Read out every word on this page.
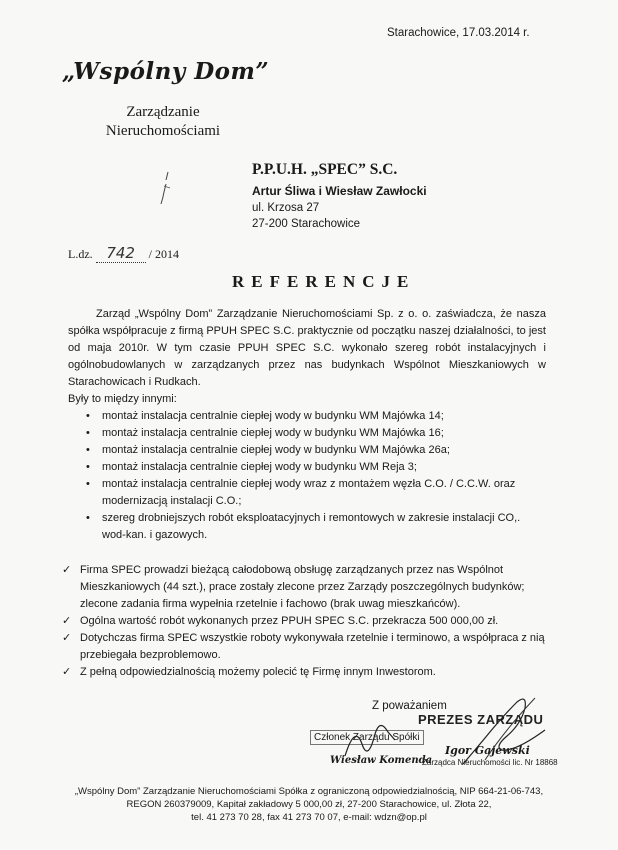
Starachowice, 17.03.2014 r.
„Wspólny Dom”
Zarządzanie
Nieruchomościami
P.P.U.H. „SPEC” S.C.
Artur Śliwa i Wiesław Zawłocki
ul. Krzosa 27
27-200 Starachowice
L.dz. 742 / 2014
REFERENCJE

Zarząd „Wspólny Dom” Zarządzanie Nieruchomościami Sp. z o. o. zaświadcza, że nasza spółka współpracuje z firmą PPUH SPEC S.C. praktycznie od początku naszej działalności, to jest od maja 2010r. W tym czasie PPUH SPEC S.C. wykonało szereg robót instalacyjnych i ogólnobudowlanych w zarządzanych przez nas budynkach Wspólnot Mieszkaniowych w Starachowicach i Rudkach.

Były to między innymi:

• montaż instalacja centralnie ciepłej wody w budynku WM Majówka 14;
• montaż instalacja centralnie ciepłej wody w budynku WM Majówka 16;
• montaż instalacja centralnie ciepłej wody w budynku WM Majówka 26a;
• montaż instalacja centralnie ciepłej wody w budynku WM Reja 3;
• montaż instalacja centralnie ciepłej wody wraz z montażem węzła C.O. / C.C.W. oraz modernizacją instalacji C.O.;
• szereg drobniejszych robót eksploatacyjnych i remontowych w zakresie instalacji CO,. wod-kan. i gazowych.
✓ Firma SPEC prowadzi bieżącą całodobową obsługę zarządzanych przez nas Wspólnot Mieszkaniowych (44 szt.), prace zostały zlecone przez Zarządy poszczególnych budynków; zlecone zadania firma wypełnia rzetelnie i fachowo (brak uwag mieszkańców).
✓ Ogólna wartość robót wykonanych przez PPUH SPEC S.C. przekracza 500 000,00 zł.
✓ Dotychczas firma SPEC wszystkie roboty wykonywała rzetelnie i terminowo, a współpraca z nią przebiegała bezproblemowo.
✓ Z pełną odpowiedzialnością możemy polecić tę Firmę innym Inwestorom.
Z poważaniem
Członek Zarządu Spółki
Wiesław Komenda
PREZES ZARZĄDU
Igor Gajewski
Zarządca Nieruchomości lic. Nr 18868
„Wspólny Dom” Zarządzanie Nieruchomościami Spółka z ograniczoną odpowiedzialnością, NIP 664-21-06-743,
REGON 260379009, Kapitał zakładowy 5 000,00 zł, 27-200 Starachowice, ul. Złota 22,
tel. 41 273 70 28, fax 41 273 70 07, e-mail: wdzn@op.pl
